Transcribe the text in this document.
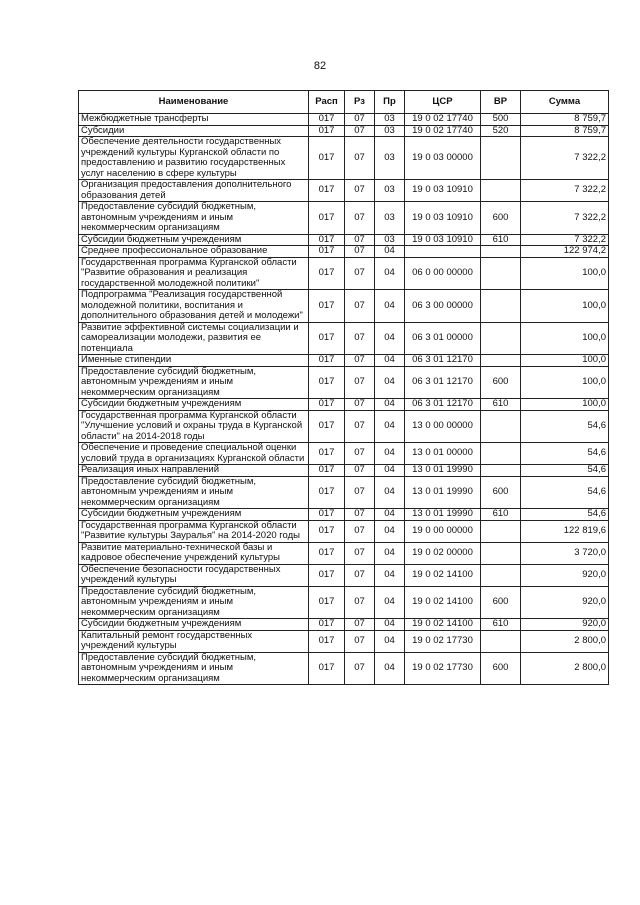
82
Наименование	Расп	Рз	Пр	ЦСР	ВР	Сумма
Межбюджетные трансферты	017	07	03	19 0 02 17740	500	8 759,7
Субсидии	017	07	03	19 0 02 17740	520	8 759,7
Обеспечение деятельности государственных учреждений культуры Курганской области по предоставлению и развитию государственных услуг населению в сфере культуры	017	07	03	19 0 03 00000		7 322,2
Организация предоставления дополнительного образования детей	017	07	03	19 0 03 10910		7 322,2
Предоставление субсидий бюджетным, автономным учреждениям и иным некоммерческим организациям	017	07	03	19 0 03 10910	600	7 322,2
Субсидии бюджетным учреждениям	017	07	03	19 0 03 10910	610	7 322,2
Среднее профессиональное образование	017	07	04			122 974,2
Государственная программа Курганской области "Развитие образования и реализация государственной молодежной политики"	017	07	04	06 0 00 00000		100,0
Подпрограмма "Реализация государственной молодежной политики, воспитания и дополнительного образования детей и молодежи"	017	07	04	06 3 00 00000		100,0
Развитие эффективной системы социализации и самореализации молодежи, развития ее потенциала	017	07	04	06 3 01 00000		100,0
Именные стипендии	017	07	04	06 3 01 12170		100,0
Предоставление субсидий бюджетным, автономным учреждениям и иным некоммерческим организациям	017	07	04	06 3 01 12170	600	100,0
Субсидии бюджетным учреждениям	017	07	04	06 3 01 12170	610	100,0
Государственная программа Курганской области "Улучшение условий и охраны труда в Курганской области" на 2014-2018 годы	017	07	04	13 0 00 00000		54,6
Обеспечение и проведение специальной оценки условий труда в организациях Курганской области	017	07	04	13 0 01 00000		54,6
Реализация иных направлений	017	07	04	13 0 01 19990		54,6
Предоставление субсидий бюджетным, автономным учреждениям и иным некоммерческим организациям	017	07	04	13 0 01 19990	600	54,6
Субсидии бюджетным учреждениям	017	07	04	13 0 01 19990	610	54,6
Государственная программа Курганской области "Развитие культуры Зауралья" на 2014-2020 годы	017	07	04	19 0 00 00000		122 819,6
Развитие материально-технической базы и кадровое обеспечение учреждений культуры	017	07	04	19 0 02 00000		3 720,0
Обеспечение безопасности государственных учреждений культуры	017	07	04	19 0 02 14100		920,0
Предоставление субсидий бюджетным, автономным учреждениям и иным некоммерческим организациям	017	07	04	19 0 02 14100	600	920,0
Субсидии бюджетным учреждениям	017	07	04	19 0 02 14100	610	920,0
Капитальный ремонт государственных учреждений культуры	017	07	04	19 0 02 17730		2 800,0
Предоставление субсидий бюджетным, автономным учреждениям и иным некоммерческим организациям	017	07	04	19 0 02 17730	600	2 800,0
